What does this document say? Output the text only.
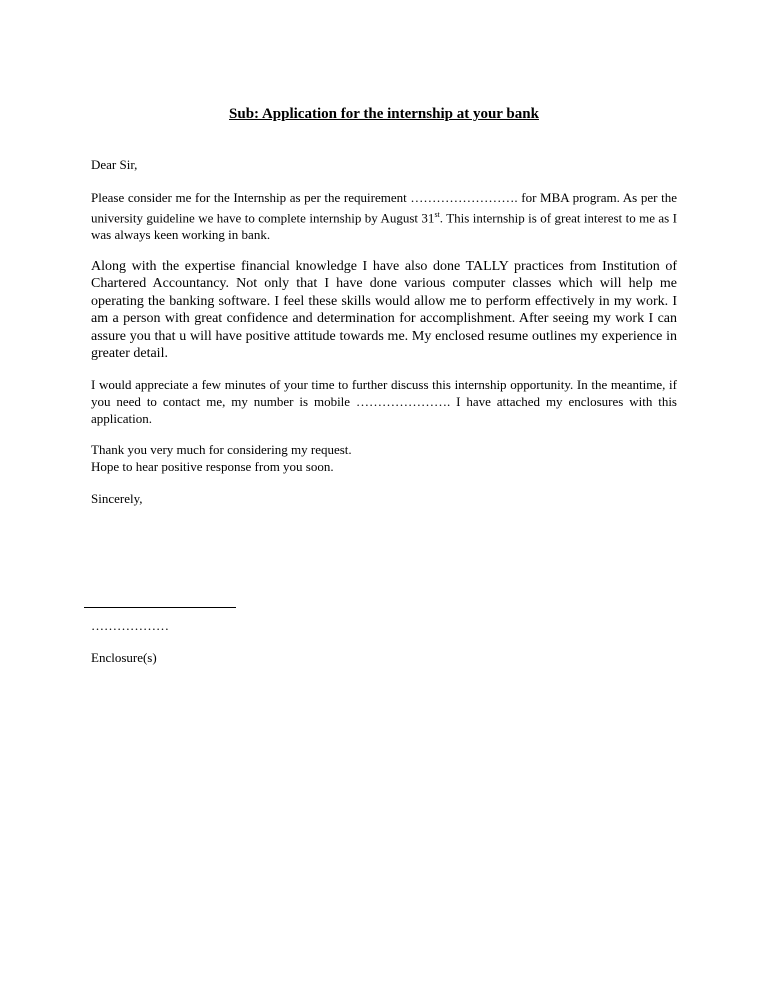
Sub: Application for the internship at your bank
Dear Sir,

Please consider me for the Internship as per the requirement ……………………. for MBA program. As per the university guideline we have to complete internship by August 31st. This internship is of great interest to me as I was always keen working in bank.

Along with the expertise financial knowledge I have also done TALLY practices from Institution of Chartered Accountancy. Not only that I have done various computer classes which will help me operating the banking software. I feel these skills would allow me to perform effectively in my work. I am a person with great confidence and determination for accomplishment. After seeing my work I can assure you that u will have positive attitude towards me. My enclosed resume outlines my experience in greater detail.

I would appreciate a few minutes of your time to further discuss this internship opportunity. In the meantime, if you need to contact me, my number is mobile …………………. I have attached my enclosures with this application.

Thank you very much for considering my request.
Hope to hear positive response from you soon.
Sincerely,
………………
Enclosure(s)
